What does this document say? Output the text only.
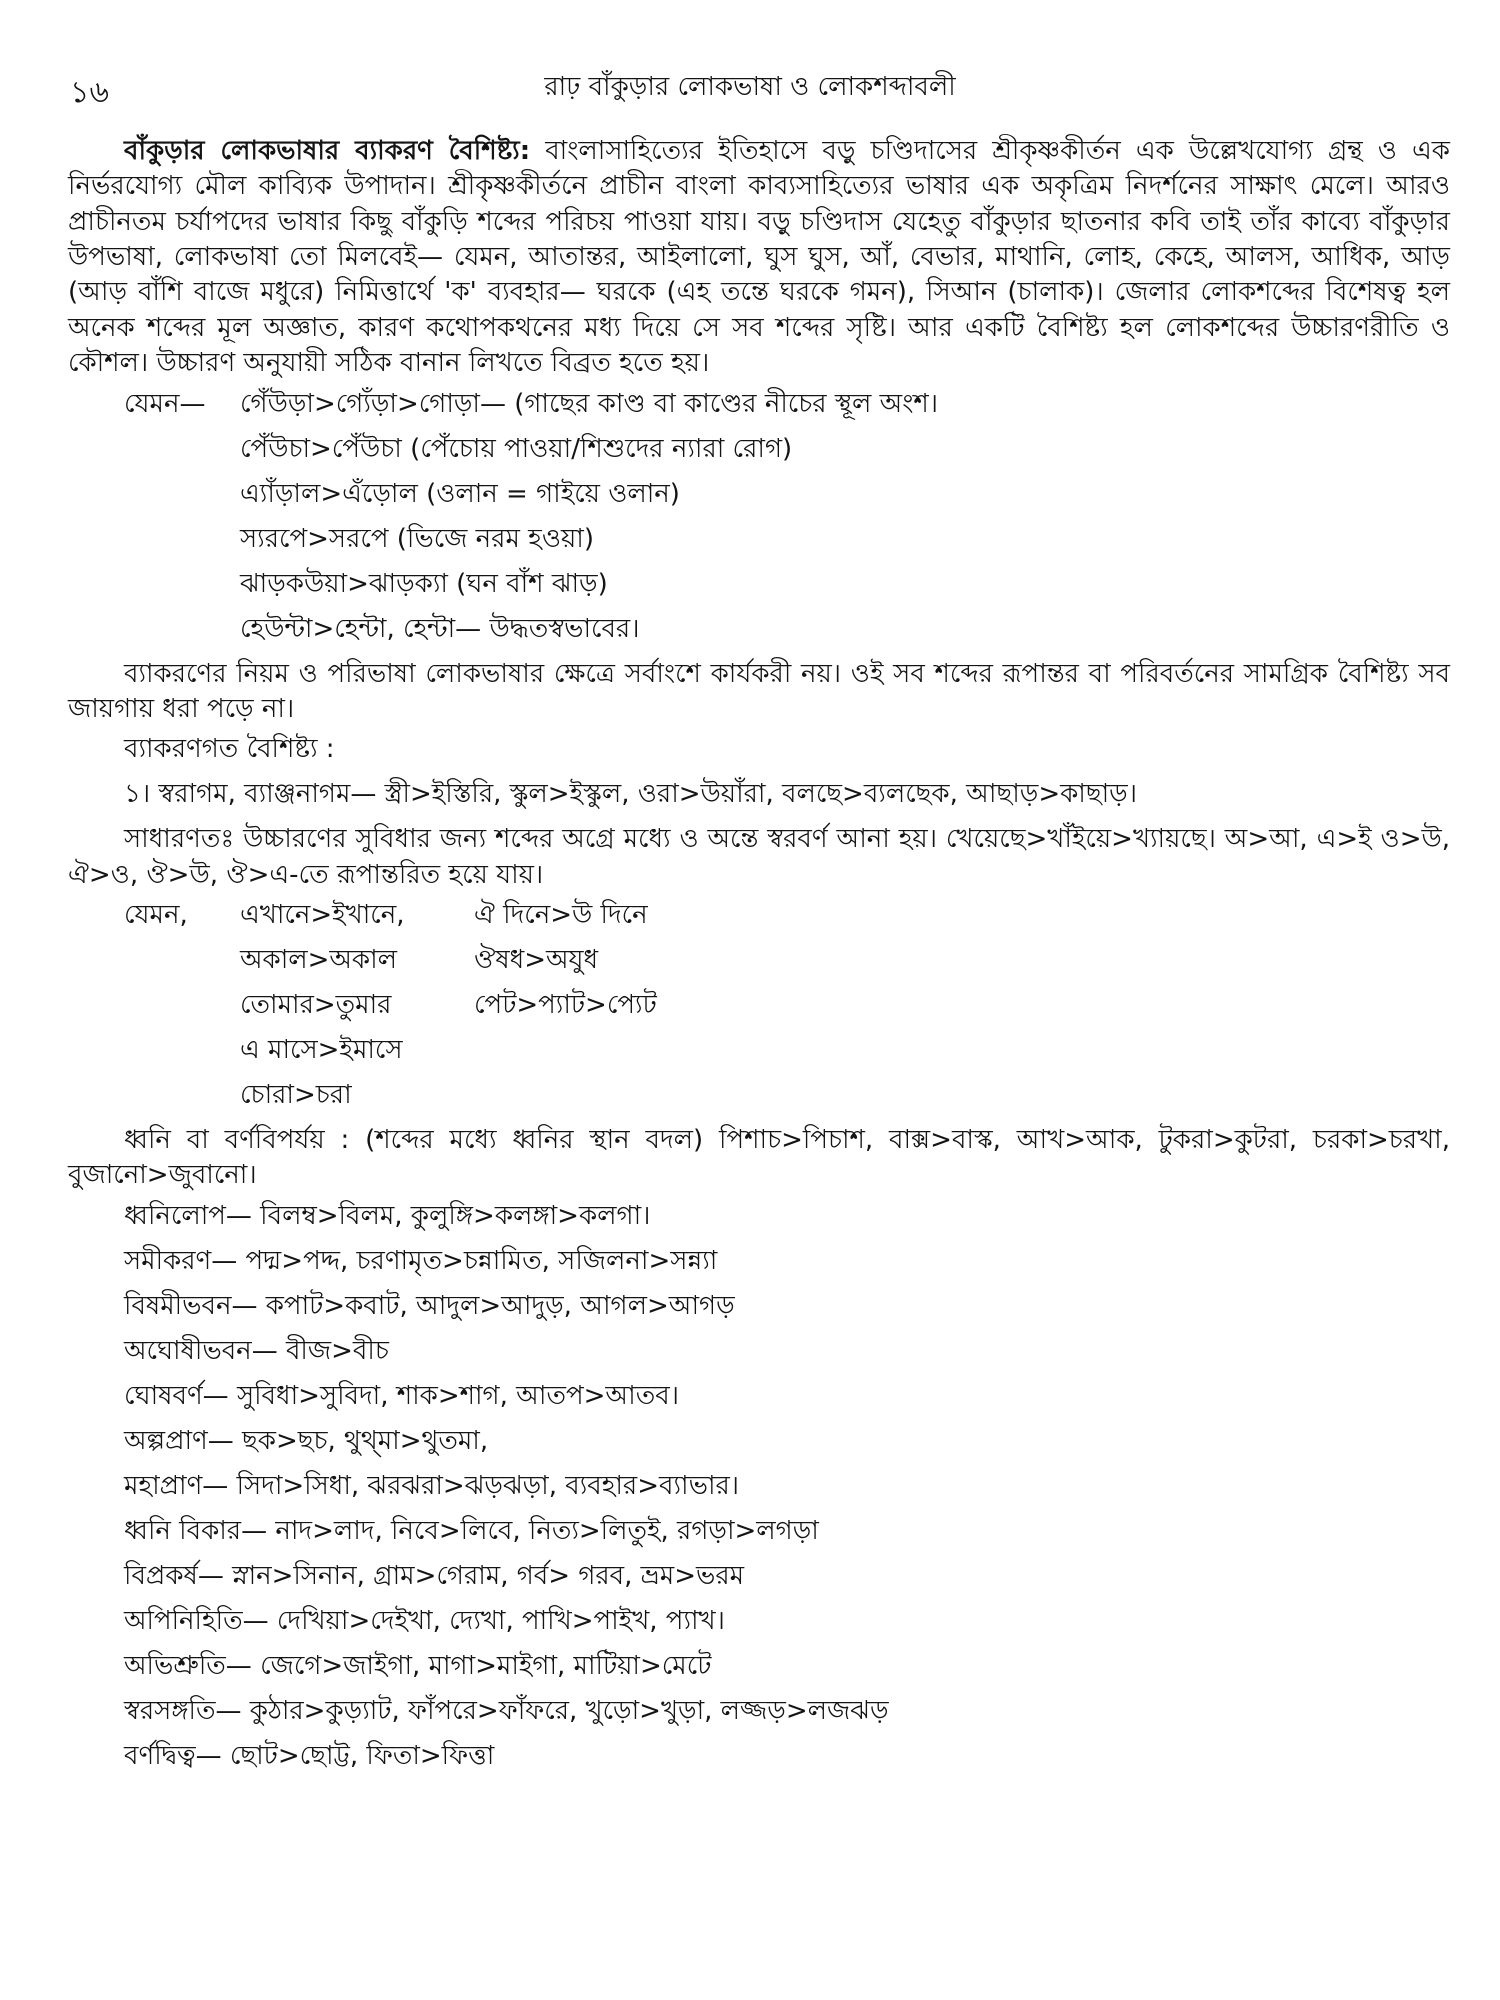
১৬	রাঢ় বাঁকুড়ার লোকভাষা ও লোকশব্দাবলী

বাঁকুড়ার লোকভাষার ব্যাকরণ বৈশিষ্ট্য: বাংলাসাহিত্যের ইতিহাসে বড়ু চণ্ডিদাসের শ্রীকৃষ্ণকীর্তন এক উল্লেখযোগ্য গ্রন্থ ও এক নির্ভরযোগ্য মৌল কাব্যিক উপাদান। শ্রীকৃষ্ণকীর্তনে প্রাচীন বাংলা কাব্যসাহিত্যের ভাষার এক অকৃত্রিম নিদর্শনের সাক্ষাৎ মেলে। আরও প্রাচীনতম চর্যাপদের ভাষার কিছু বাঁকুড়ি শব্দের পরিচয় পাওয়া যায়। বড়ু চণ্ডিদাস যেহেতু বাঁকুড়ার ছাতনার কবি তাই তাঁর কাব্যে বাঁকুড়ার উপভাষা, লোকভাষা তো মিলবেই— যেমন, আতান্তর, আইলালো, ঘুস ঘুস, আঁ, বেভার, মাথানি, লোহ, কেহে, আলস, আধিক, আড় (আড় বাঁশি বাজে মধুরে) নিমিত্তার্থে 'ক' ব্যবহার— ঘরকে (এহ তন্তে ঘরকে গমন), সিআন (চালাক)। জেলার লোকশব্দের বিশেষত্ব হল অনেক শব্দের মূল অজ্ঞাত, কারণ কথোপকথনের মধ্য দিয়ে সে সব শব্দের সৃষ্টি। আর একটি বৈশিষ্ট্য হল লোকশব্দের উচ্চারণরীতি ও কৌশল। উচ্চারণ অনুযায়ী সঠিক বানান লিখতে বিব্রত হতে হয়।

যেমন—	গেঁউড়া>গ্যেঁড়া>গোড়া— (গাছের কাণ্ড বা কাণ্ডের নীচের স্থূল অংশ।
পেঁউচা>পেঁউচা (পেঁচোয় পাওয়া/শিশুদের ন্যারা রোগ)
এ্যাঁড়াল>এঁড়োল (ওলান = গাইয়ে ওলান)
স্যরপে>সরপে (ভিজে নরম হওয়া)
ঝাড়কউয়া>ঝাড়ক্যা (ঘন বাঁশ ঝাড়)
হেউন্টা>হেন্টা, হেন্টা— উদ্ধতস্বভাবের।

ব্যাকরণের নিয়ম ও পরিভাষা লোকভাষার ক্ষেত্রে সর্বাংশে কার্যকরী নয়। ওই সব শব্দের রূপান্তর বা পরিবর্তনের সামগ্রিক বৈশিষ্ট্য সব জায়গায় ধরা পড়ে না।

ব্যাকরণগত বৈশিষ্ট্য :
১। স্বরাগম, ব্যাঞ্জনাগম— স্ত্রী>ইস্তিরি, স্কুল>ইস্কুল, ওরা>উয়াঁরা, বলছে>ব্যলছেক, আছাড়>কাছাড়।

সাধারণতঃ উচ্চারণের সুবিধার জন্য শব্দের অগ্রে মধ্যে ও অন্তে স্বরবর্ণ আনা হয়। খেয়েছে>খাঁইয়ে>খ্যায়ছে। অ>আ, এ>ই ও>উ, ঐ>ও, ঔ>উ, ঔ>এ-তে রূপান্তরিত হয়ে যায়।

যেমন,	এখানে>ইখানে,	ঐ দিনে>উ দিনে
অকাল>অকাল	ঔষধ>অযুধ
তোমার>তুমার	পেট>প্যাট>প্যেট
এ মাসে>ইমাসে
চোরা>চরা

ধ্বনি বা বর্ণবিপর্যয় : (শব্দের মধ্যে ধ্বনির স্থান বদল) পিশাচ>পিচাশ, বাক্স>বাস্ক, আখ>আক, টুকরা>কুটরা, চরকা>চরখা, বুজানো>জুবানো।

ধ্বনিলোপ— বিলম্ব>বিলম, কুলুঙ্গি>কলঙ্গা>কলগা।
সমীকরণ— পদ্ম>পদ্দ, চরণামৃত>চন্নামিত, সজিলনা>সন্ন্যা
বিষমীভবন— কপাট>কবাট, আদুল>আদুড়, আগল>আগড়
অঘোষীভবন— বীজ>বীচ
ঘোষবর্ণ— সুবিধা>সুবিদা, শাক>শাগ, আতপ>আতব।
অল্পপ্রাণ— ছক>ছচ, থুথ্মা>থুতমা,
মহাপ্রাণ— সিদা>সিধা, ঝরঝরা>ঝড়ঝড়া, ব্যবহার>ব্যাভার।
ধ্বনি বিকার— নাদ>লাদ, নিবে>লিবে, নিত্য>লিতুই, রগড়া>লগড়া
বিপ্রকর্ষ— স্নান>সিনান, গ্রাম>গেরাম, গর্ব> গরব, ভ্রম>ভরম
অপিনিহিতি— দেখিয়া>দেইখা, দ্যেখা, পাখি>পাইখ, প্যাখ।
অভিশ্রুতি— জেগে>জাইগা, মাগা>মাইগা, মাটিয়া>মেটে
স্বরসঙ্গতি— কুঠার>কুড়্যাট, ফাঁপরে>ফাঁফরে, খুড়ো>খুড়া, লজ্জড়>লজঝড়
বর্ণদ্বিত্ব— ছোট>ছোট্ট, ফিতা>ফিত্তা
